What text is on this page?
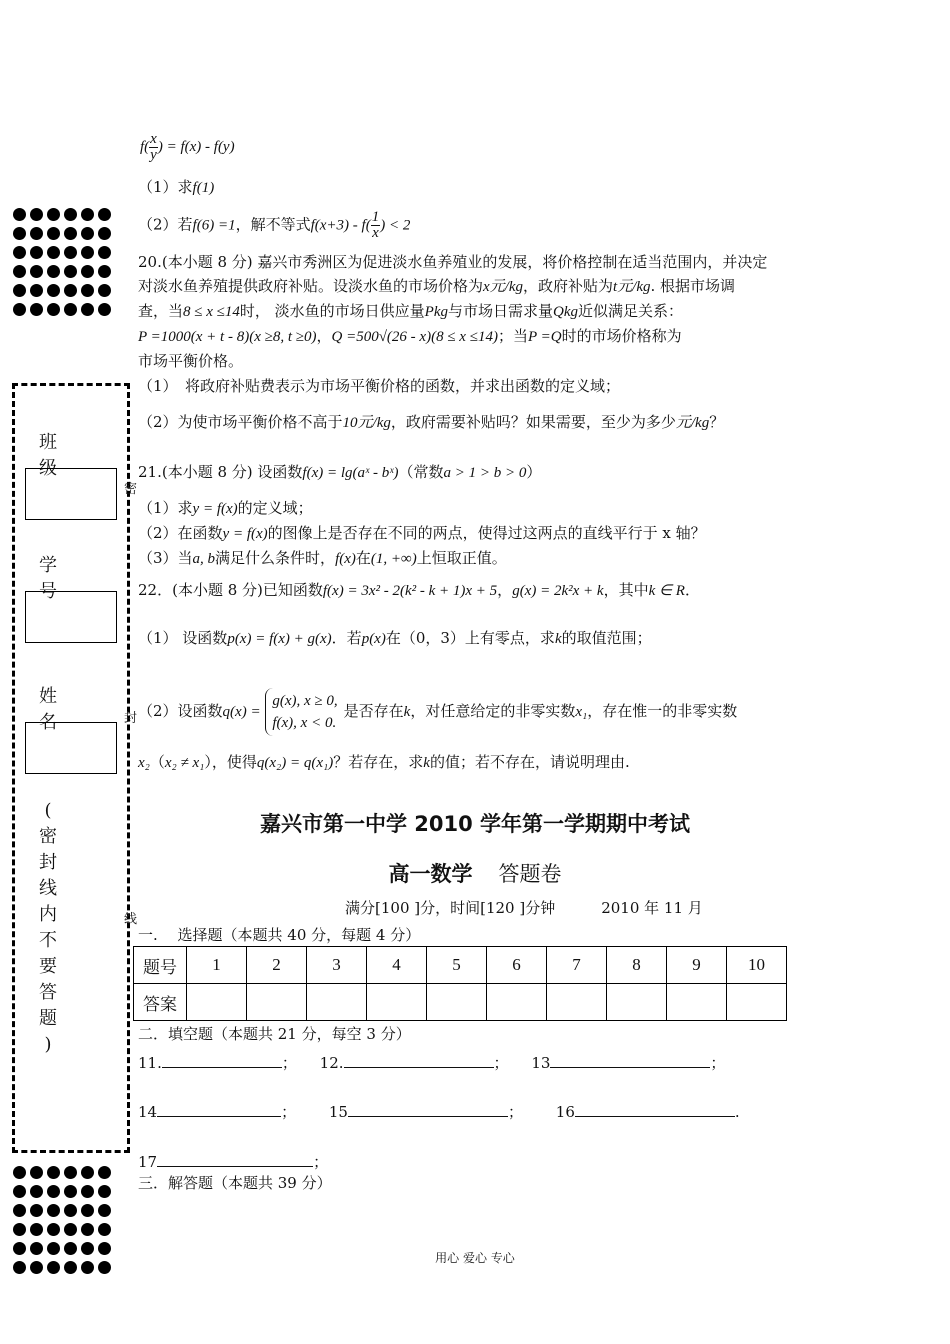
班级
学号
姓名
(
密
封
线
内
不
要
答
题
)
密
封
线
$f( \frac{x}{y}$ ) = f(x) - f(y)
（1）求f(1)
（2）若f(6) =1，解不等式$f(x+3) - f( \frac{1}{x}$ ) < 2
20.(本小题 8 分) 嘉兴市秀洲区为促进淡水鱼养殖业的发展，将价格控制在适当范围内，并决定
对淡水鱼养殖提供政府补贴。设淡水鱼的市场价格为x元/kg，政府补贴为t元/kg. 根据市场调
查，当8 ≤ x ≤14时， 淡水鱼的市场日供应量Pkg与市场日需求量Qkg近似满足关系：
P =1000(x + t - 8)(x ≥8, t ≥0)，Q =500√(26 - x)(8 ≤ x ≤14)；当P =Q时的市场价格称为
市场平衡价格。
（1）　将政府补贴费表示为市场平衡价格的函数，并求出函数的定义域；
（2）为使市场平衡价格不高于10元/kg，政府需要补贴吗？如果需要，至少为多少元/kg？
21.(本小题 8 分) 设函数f(x) = lg(aˣ - bˣ)（常数a > 1 > b > 0）
（1）求y = f(x)的定义域；
（2）在函数y = f(x)的图像上是否存在不同的两点，使得过这两点的直线平行于 x 轴？
（3）当a, b满足什么条件时，f(x)在(1, +∞)上恒取正值。
22．(本小题 8 分)已知函数f(x) = 3x² - 2(k² - k + 1)x + 5，g(x) = 2k²x + k，其中k ∈ R．
（1） 设函数p(x) = f(x) + g(x)．若p(x)在（0，3）上有零点，求k的取值范围；
（2）设函数q(x) =
g(x), x ≥ 0,
f(x), x < 0.
是否存在k，对任意给定的非零实数x₁，存在惟一的非零实数
x₂（x₂ ≠ x₁），使得q(x₂) = q(x₁)？若存在，求k的值；若不存在，请说明理由.
嘉兴市第一中学 2010 学年第一学期期中考试
高一数学 答题卷
满分[100 ]分，时间[120 ]分钟	2010 年 11 月
一.　 选择题（本题共 40 分，每题 4 分）
题号	1	2	3	4	5	6	7	8	9	10
答案										
二．填空题（本题共 21 分，每空 3 分）
11.	； 12.	； 13	；
14	； 15	； 16	.
17	；
三．解答题（本题共 39 分）
用心 爱心 专心
